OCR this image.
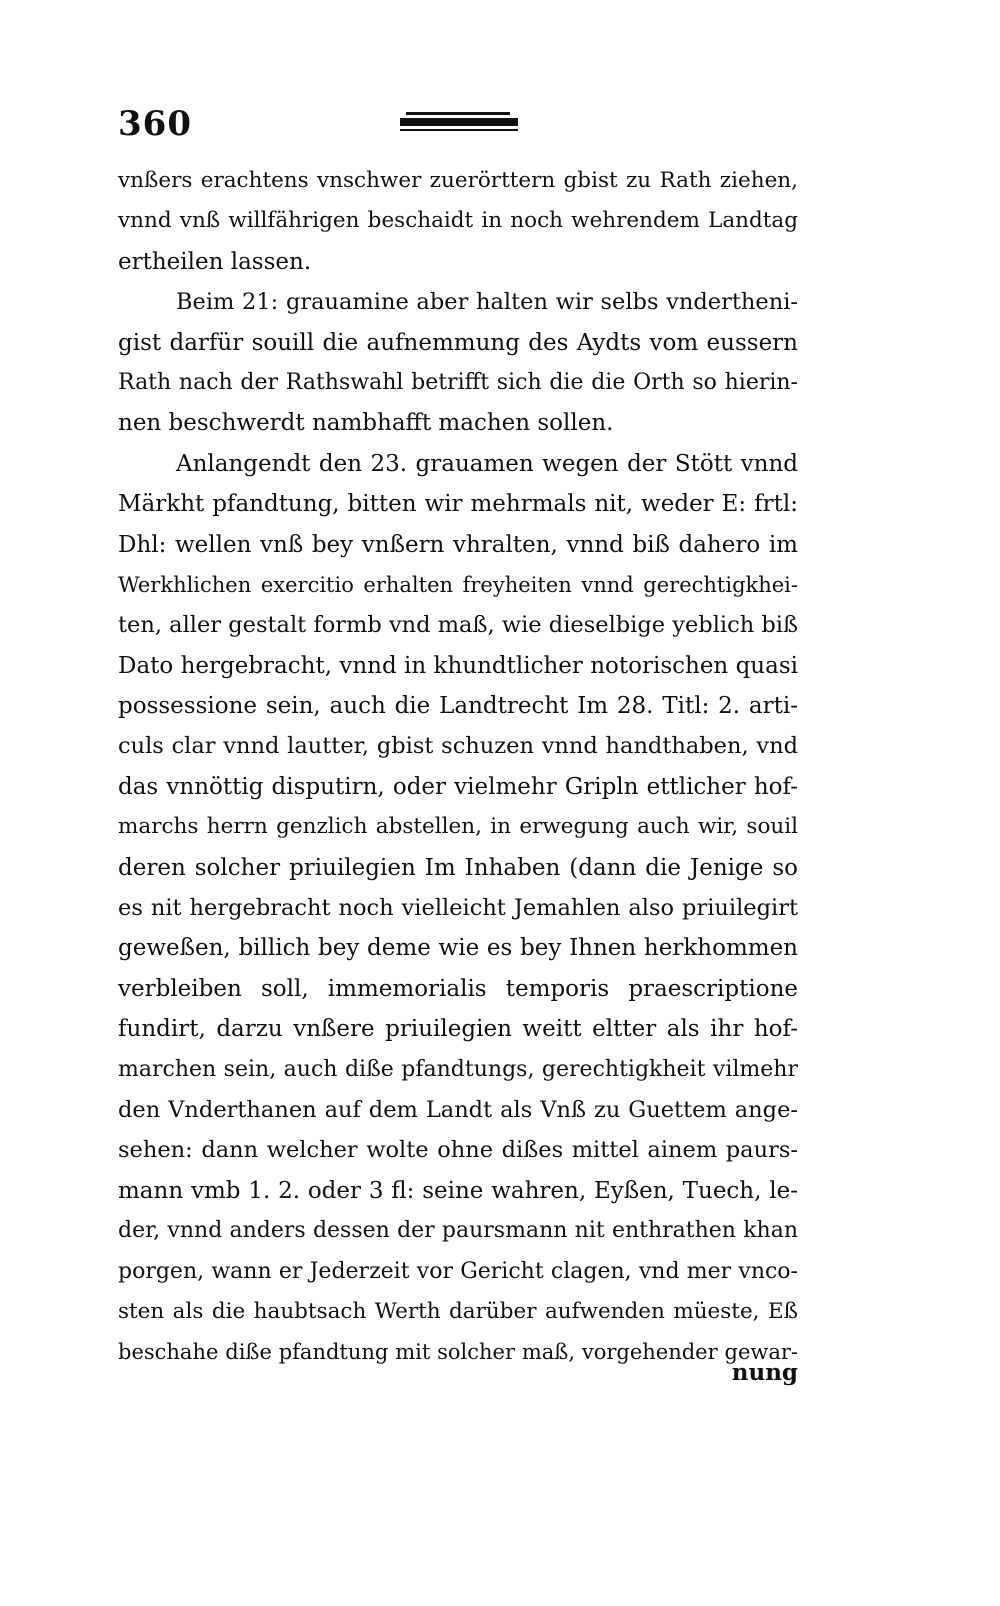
360
vnßers erachtens vnschwer zuerörttern gbist zu Rath ziehen,
vnnd vnß willfährigen beschaidt in noch wehrendem Landtag
ertheilen lassen.
Beim 21: grauamine aber halten wir selbs vndertheni-
gist darfür souill die aufnemmung des Aydts vom eussern
Rath nach der Rathswahl betrifft sich die die Orth so hierin-
nen beschwerdt nambhafft machen sollen.
Anlangendt den 23. grauamen wegen der Stött vnnd
Märkht pfandtung, bitten wir mehrmals nit, weder E: frtl:
Dhl: wellen vnß bey vnßern vhralten, vnnd biß dahero im
Werkhlichen exercitio erhalten freyheiten vnnd gerechtigkhei-
ten, aller gestalt formb vnd maß, wie dieselbige yeblich biß
Dato hergebracht, vnnd in khundtlicher notorischen quasi
possessione sein, auch die Landtrecht Im 28. Titl: 2. arti-
culs clar vnnd lautter, gbist schuzen vnnd handthaben, vnd
das vnnöttig disputirn, oder vielmehr Gripln ettlicher hof-
marchs herrn genzlich abstellen, in erwegung auch wir, souil
deren solcher priuilegien Im Inhaben (dann die Jenige so
es nit hergebracht noch vielleicht Jemahlen also priuilegirt
geweßen, billich bey deme wie es bey Ihnen herkhommen
verbleiben soll, immemorialis temporis praescriptione
fundirt, darzu vnßere priuilegien weitt eltter als ihr hof-
marchen sein, auch diße pfandtungs, gerechtigkheit vilmehr
den Vnderthanen auf dem Landt als Vnß zu Guettem ange-
sehen: dann welcher wolte ohne dißes mittel ainem paurs-
mann vmb 1. 2. oder 3 fl: seine wahren, Eyßen, Tuech, le-
der, vnnd anders dessen der paursmann nit enthrathen khan
porgen, wann er Jederzeit vor Gericht clagen, vnd mer vnco-
sten als die haubtsach Werth darüber aufwenden müeste, Eß
beschahe diße pfandtung mit solcher maß, vorgehender gewar-
nung
